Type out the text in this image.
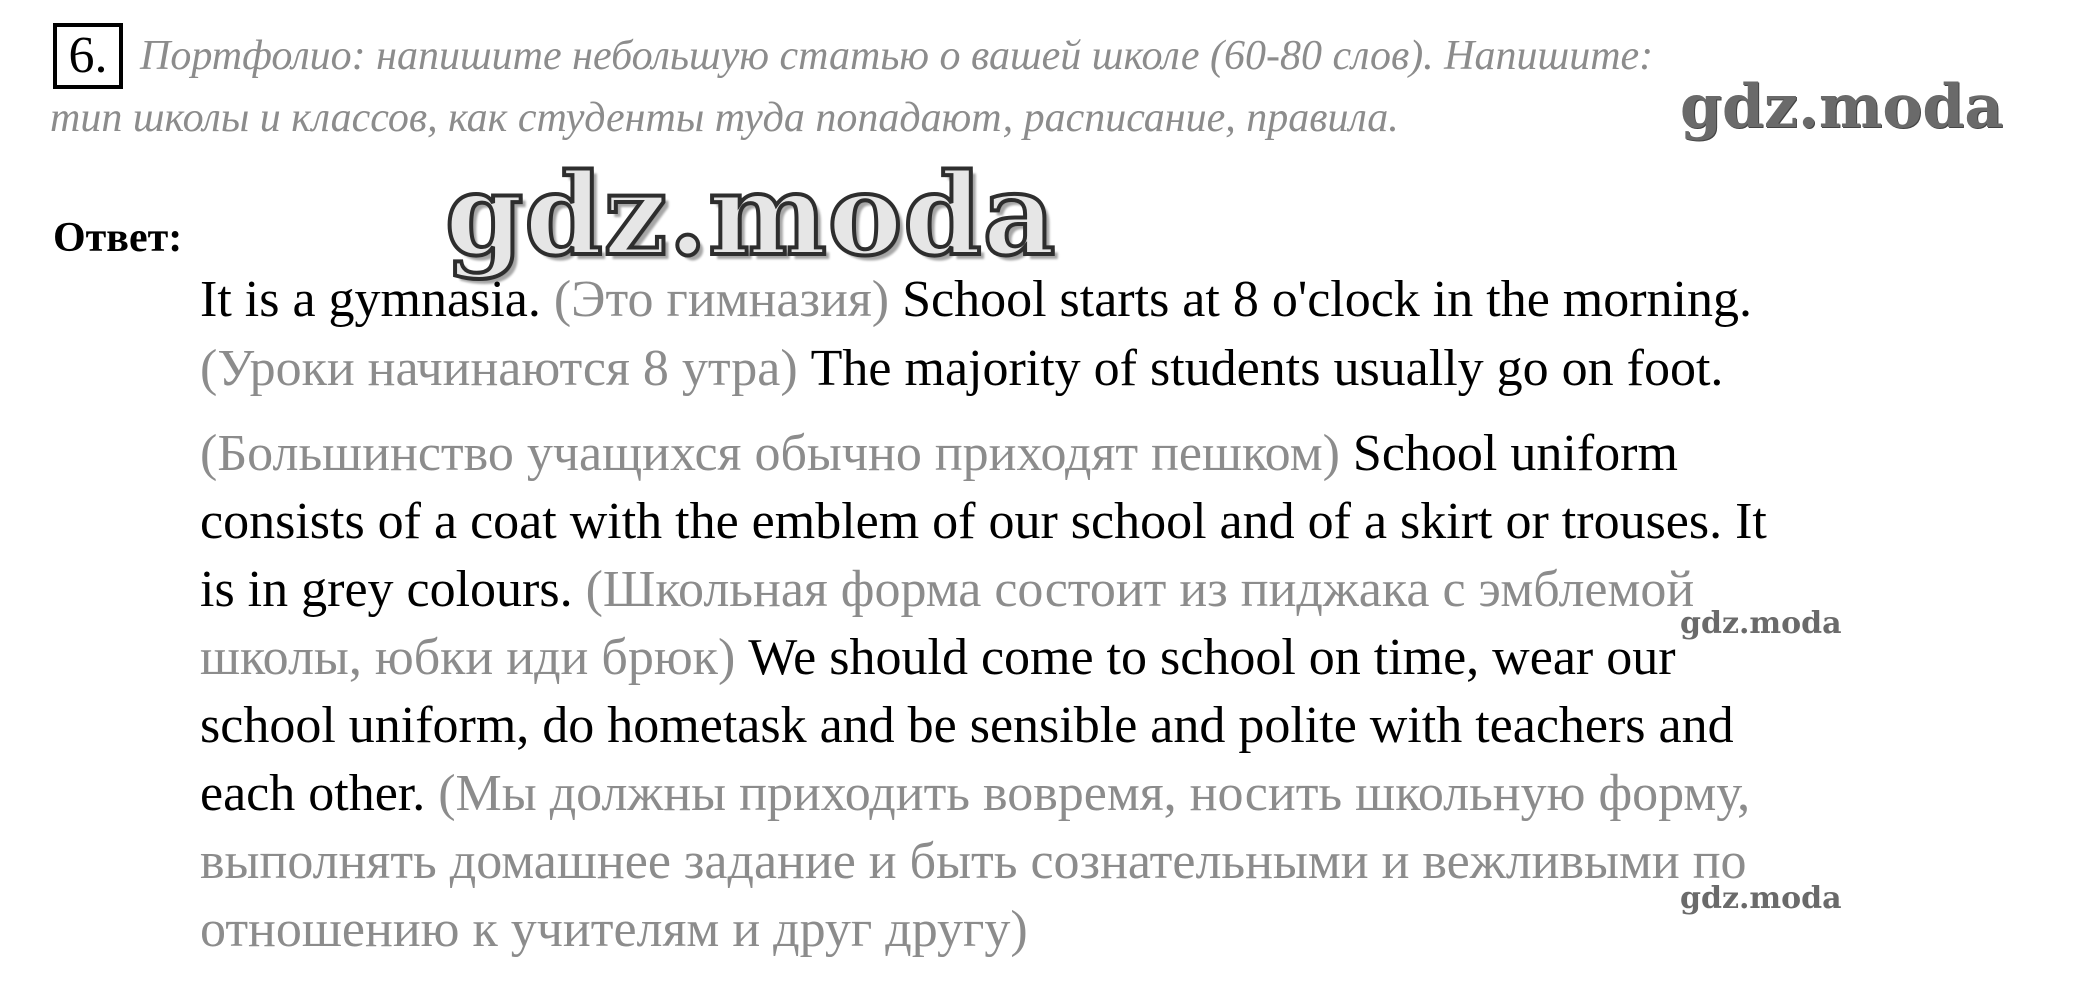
6. Портфолио: напишите небольшую статью о вашей школе (60-80 слов). Напишите:
тип школы и классов, как студенты туда попадают, расписание, правила.	gdz.moda
gdz.moda
Ответ:
It is a gymnasia. (Это гимназия) School starts at 8 o'clock in the morning.
(Уроки начинаются 8 утра) The majority of students usually go on foot.
(Большинство учащихся обычно приходят пешком) School uniform
consists of a coat with the emblem of our school and of a skirt or trouses. It
is in grey colours. (Школьная форма состоит из пиджака с эмблемой
школы, юбки иди брюк) We should come to school on time, wear our
school uniform, do hometask and be sensible and polite with teachers and
each other. (Мы должны приходить вовремя, носить школьную форму,
выполнять домашнее задание и быть сознательными и вежливыми по
отношению к учителям и друг другу)
gdz.moda
gdz.moda
